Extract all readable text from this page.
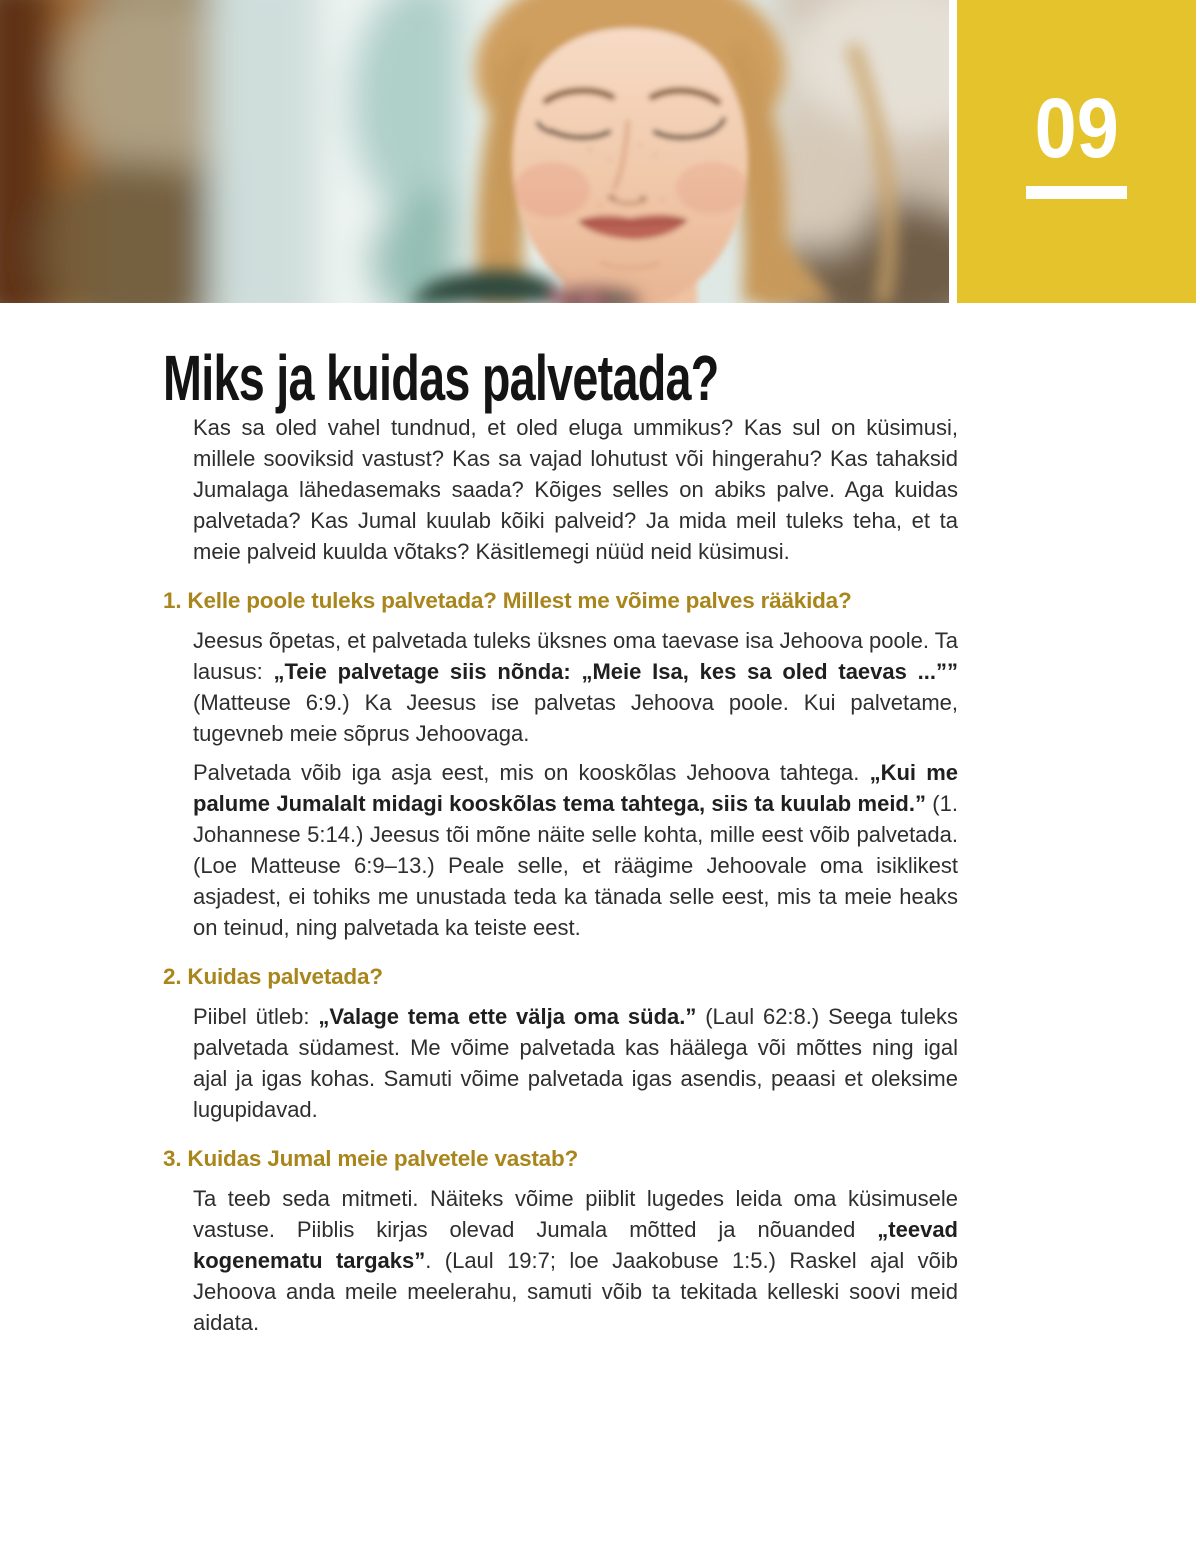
09
Miks ja kuidas palvetada?

Kas sa oled vahel tundnud, et oled eluga ummikus? Kas sul on küsimusi, millele sooviksid vastust? Kas sa vajad lohutust või hingerahu? Kas tahaksid Jumalaga lähedasemaks saada? Kõiges selles on abiks palve. Aga kuidas palvetada? Kas Jumal kuulab kõiki palveid? Ja mida meil tuleks teha, et ta meie palveid kuulda võtaks? Käsitlemegi nüüd neid küsimusi.

1. Kelle poole tuleks palvetada? Millest me võime palves rääkida?

Jeesus õpetas, et palvetada tuleks üksnes oma taevase isa Jehoova poole. Ta lausus: „Teie palvetage siis nõnda: „Meie Isa, kes sa oled taevas ...”” (Matteuse 6:9.) Ka Jeesus ise palvetas Jehoova poole. Kui palvetame, tugevneb meie sõprus Jehoovaga.

Palvetada võib iga asja eest, mis on kooskõlas Jehoova tahtega. „Kui me palume Jumalalt midagi kooskõlas tema tahtega, siis ta kuulab meid.” (1. Johannese 5:14.) Jeesus tõi mõne näite selle kohta, mille eest võib palvetada. (Loe Matteuse 6:9–13.) Peale selle, et räägime Jehoovale oma isiklikest asjadest, ei tohiks me unustada teda ka tänada selle eest, mis ta meie heaks on teinud, ning palvetada ka teiste eest.

2. Kuidas palvetada?

Piibel ütleb: „Valage tema ette välja oma süda.” (Laul 62:8.) Seega tuleks palvetada südamest. Me võime palvetada kas häälega või mõttes ning igal ajal ja igas kohas. Samuti võime palvetada igas asendis, peaasi et oleksime lugupidavad.

3. Kuidas Jumal meie palvetele vastab?

Ta teeb seda mitmeti. Näiteks võime piiblit lugedes leida oma küsimusele vastuse. Piiblis kirjas olevad Jumala mõtted ja nõuanded „teevad kogenematu targaks”. (Laul 19:7; loe Jaakobuse 1:5.) Raskel ajal võib Jehoova anda meile meelerahu, samuti võib ta tekitada kelleski soovi meid aidata.
